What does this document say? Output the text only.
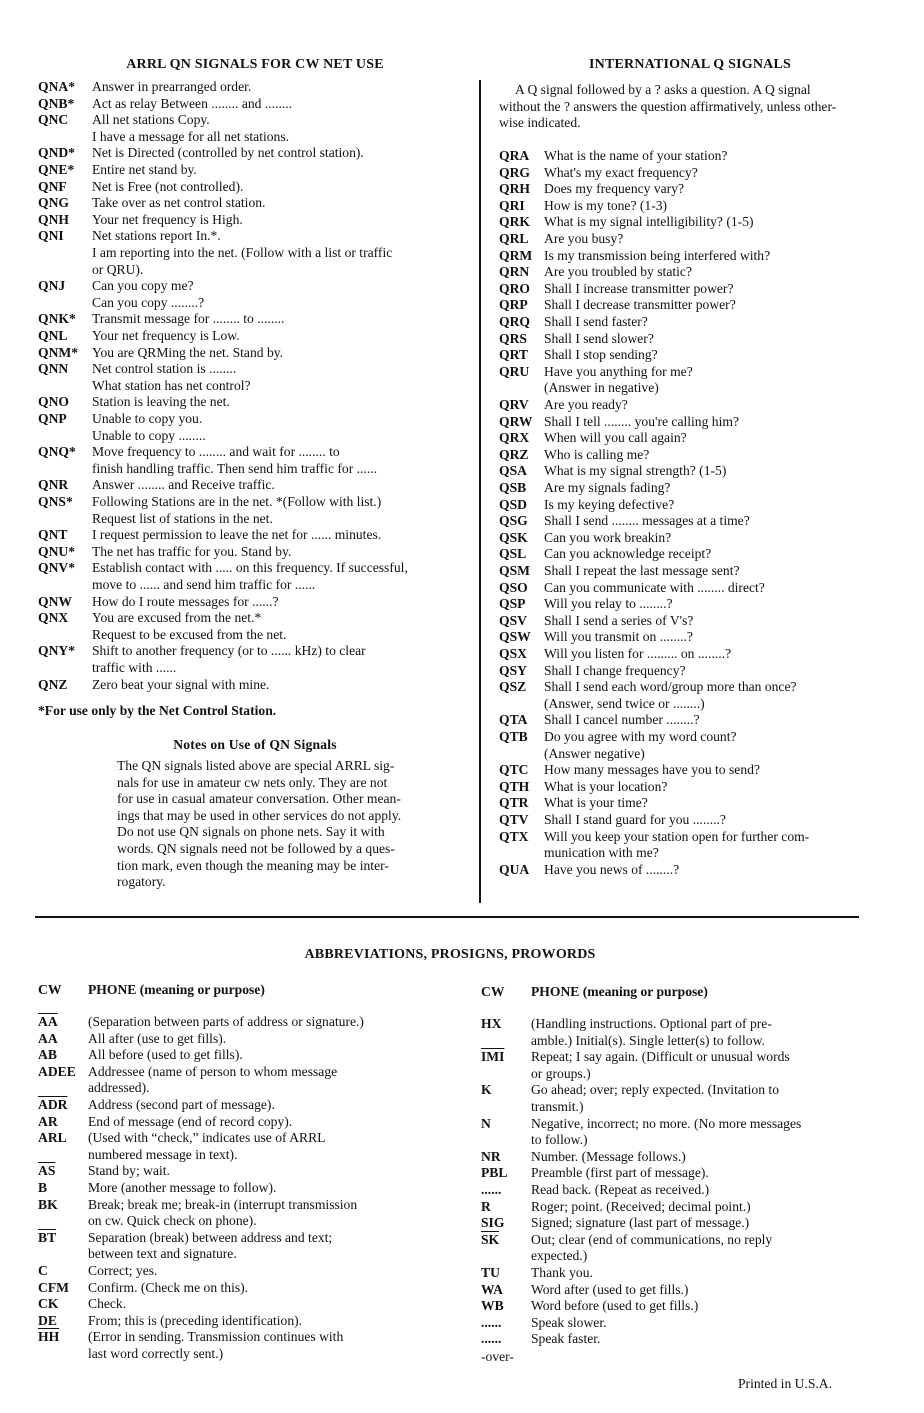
ARRL QN SIGNALS FOR CW NET USE
QNA* Answer in prearranged order.
QNB* Act as relay Between ........ and ........
QNC All net stations Copy.
I have a message for all net stations.
QND* Net is Directed (controlled by net control station).
QNE* Entire net stand by.
QNF Net is Free (not controlled).
QNG Take over as net control station.
QNH Your net frequency is High.
QNI Net stations report In.*.
I am reporting into the net. (Follow with a list or traffic
or QRU).
QNJ Can you copy me?
Can you copy ........?
QNK* Transmit message for ........ to ........
QNL Your net frequency is Low.
QNM* You are QRMing the net. Stand by.
QNN Net control station is ........
What station has net control?
QNO Station is leaving the net.
QNP Unable to copy you.
Unable to copy ........
QNQ* Move frequency to ........ and wait for ........ to
finish handling traffic. Then send him traffic for ......
QNR Answer ........ and Receive traffic.
QNS* Following Stations are in the net. *(Follow with list.)
Request list of stations in the net.
QNT I request permission to leave the net for ...... minutes.
QNU* The net has traffic for you. Stand by.
QNV* Establish contact with ..... on this frequency. If successful,
move to ...... and send him traffic for ......
QNW How do I route messages for ......?
QNX You are excused from the net.*
Request to be excused from the net.
QNY* Shift to another frequency (or to ...... kHz) to clear
traffic with ......
QNZ Zero beat your signal with mine.
*For use only by the Net Control Station.
Notes on Use of QN Signals
The QN signals listed above are special ARRL sig-
nals for use in amateur cw nets only. They are not
for use in casual amateur conversation. Other mean-
ings that may be used in other services do not apply.
Do not use QN signals on phone nets. Say it with
words. QN signals need not be followed by a ques-
tion mark, even though the meaning may be inter-
rogatory.
INTERNATIONAL Q SIGNALS
A Q signal followed by a ? asks a question. A Q signal
without the ? answers the question affirmatively, unless other-
wise indicated.
QRA What is the name of your station?
QRG What's my exact frequency?
QRH Does my frequency vary?
QRI How is my tone? (1-3)
QRK What is my signal intelligibility? (1-5)
QRL Are you busy?
QRM Is my transmission being interfered with?
QRN Are you troubled by static?
QRO Shall I increase transmitter power?
QRP Shall I decrease transmitter power?
QRQ Shall I send faster?
QRS Shall I send slower?
QRT Shall I stop sending?
QRU Have you anything for me?
(Answer in negative)
QRV Are you ready?
QRW Shall I tell ........ you're calling him?
QRX When will you call again?
QRZ Who is calling me?
QSA What is my signal strength? (1-5)
QSB Are my signals fading?
QSD Is my keying defective?
QSG Shall I send ........ messages at a time?
QSK Can you work breakin?
QSL Can you acknowledge receipt?
QSM Shall I repeat the last message sent?
QSO Can you communicate with ........ direct?
QSP Will you relay to ........?
QSV Shall I send a series of V's?
QSW Will you transmit on ........?
QSX Will you listen for ......... on ........?
QSY Shall I change frequency?
QSZ Shall I send each word/group more than once?
(Answer, send twice or ........)
QTA Shall I cancel number ........?
QTB Do you agree with my word count?
(Answer negative)
QTC How many messages have you to send?
QTH What is your location?
QTR What is your time?
QTV Shall I stand guard for you ........?
QTX Will you keep your station open for further com-
munication with me?
QUA Have you news of ........?
ABBREVIATIONS, PROSIGNS, PROWORDS
CW PHONE (meaning or purpose)	CW PHONE (meaning or purpose)
$\overline{AA}$ (Separation between parts of address or signature.)
AA All after (use to get fills).
AB All before (used to get fills).
ADEE Addressee (name of person to whom message
addressed).
$\overline{ADR}$ Address (second part of message).
AR End of message (end of record copy).
ARL (Used with “check,” indicates use of ARRL
numbered message in text).
$\overline{AS}$ Stand by; wait.
B	More (another message to follow).
BK Break; break me; break-in (interrupt transmission
on cw. Quick check on phone).
$\overline{BT}$ Separation (break) between address and text;
between text and signature.
C	Correct; yes.
CFM Confirm. (Check me on this).
CK Check.
DE From; this is (preceding identification).
$\overline{HH}$ (Error in sending. Transmission continues with
last word correctly sent.)
HX (Handling instructions. Optional part of pre-
amble.) Initial(s). Single letter(s) to follow.
$\overline{IMI}$ Repeat; I say again. (Difficult or unusual words
or groups.)
K	Go ahead; over; reply expected. (Invitation to
transmit.)
N	Negative, incorrect; no more. (No more messages
to follow.)
NR Number. (Message follows.)
PBL Preamble (first part of message).
...... Read back. (Repeat as received.)
R	Roger; point. (Received; decimal point.)
SIG Signed; signature (last part of message.)
$\overline{SK}$ Out; clear (end of communications, no reply
expected.)
TU Thank you.
WA Word after (used to get fills.)
WB Word before (used to get fills.)
...... Speak slower.
...... Speak faster.
-over-
Printed in U.S.A.
